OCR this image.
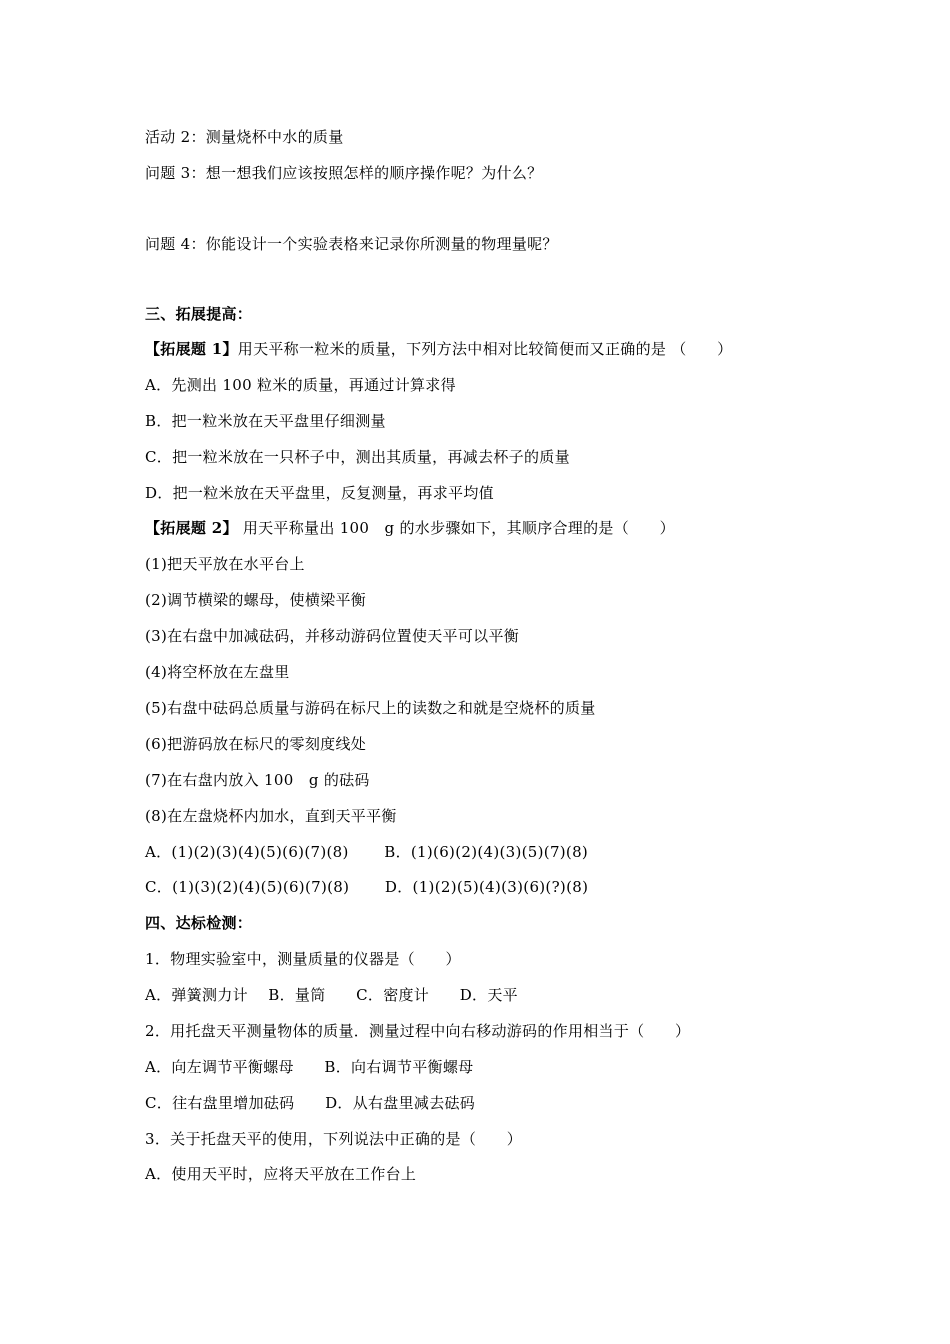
活动 2：测量烧杯中水的质量
问题 3：想一想我们应该按照怎样的顺序操作呢？为什么？
问题 4：你能设计一个实验表格来记录你所测量的物理量呢？
三、拓展提高：
【拓展题 1】用天平称一粒米的质量，下列方法中相对比较简便而又正确的是 （　　）
A．先测出 100 粒米的质量，再通过计算求得
B．把一粒米放在天平盘里仔细测量
C．把一粒米放在一只杯子中，测出其质量，再减去杯子的质量
D．把一粒米放在天平盘里，反复测量，再求平均值
【拓展题 2】 用天平称量出 100　g 的水步骤如下，其顺序合理的是（　　）
(1)把天平放在水平台上
(2)调节横梁的螺母，使横梁平衡
(3)在右盘中加减砝码，并移动游码位置使天平可以平衡
(4)将空杯放在左盘里
(5)右盘中砝码总质量与游码在标尺上的读数之和就是空烧杯的质量
(6)把游码放在标尺的零刻度线处
(7)在右盘内放入 100　g 的砝码
(8)在左盘烧杯内加水，直到天平平衡
A．(1)(2)(3)(4)(5)(6)(7)(8)　　 B．(1)(6)(2)(4)(3)(5)(7)(8)
C．(1)(3)(2)(4)(5)(6)(7)(8)　　 D．(1)(2)(5)(4)(3)(6)(?)(8)
四、达标检测：
1．物理实验室中，测量质量的仪器是（　　）
A．弹簧测力计　 B．量筒　　C．密度计　　D．天平
2．用托盘天平测量物体的质量．测量过程中向右移动游码的作用相当于（　　）
A．向左调节平衡螺母　　B．向右调节平衡螺母
C．往右盘里增加砝码　　D．从右盘里减去砝码
3．关于托盘天平的使用，下列说法中正确的是（　　）
A．使用天平时，应将天平放在工作台上
